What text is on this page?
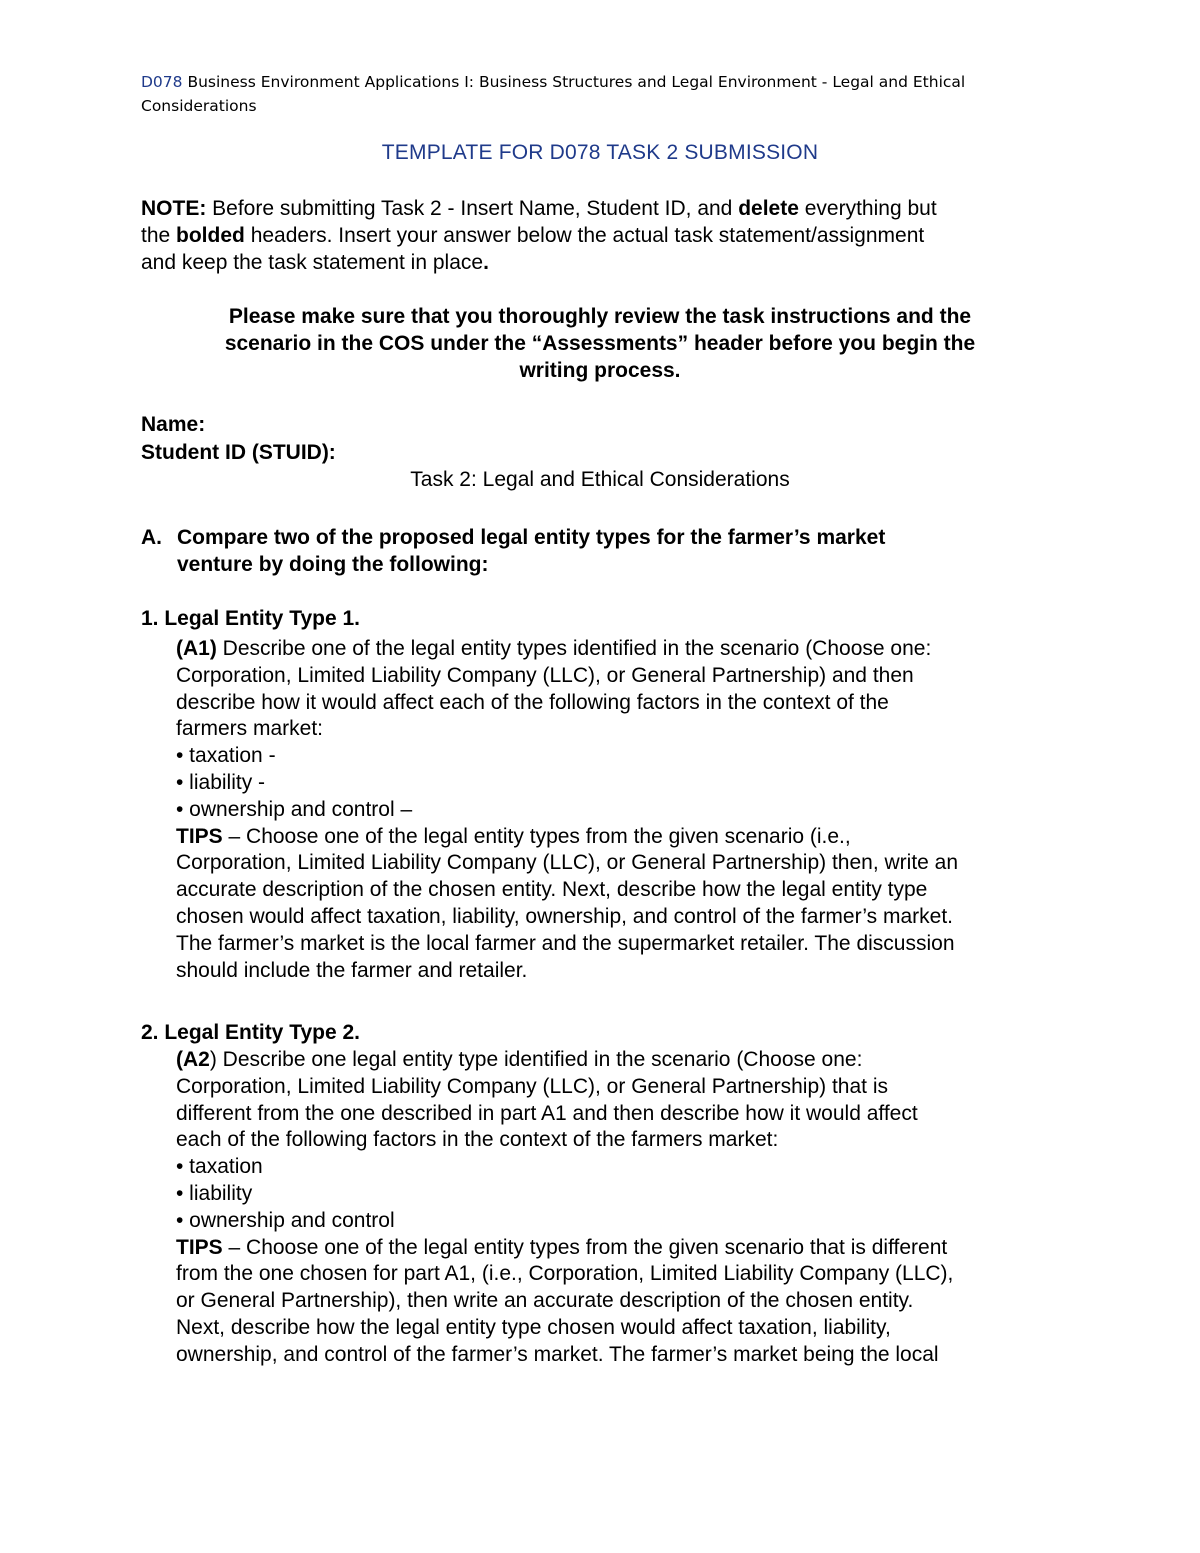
D078 Business Environment Applications I: Business Structures and Legal Environment - Legal and Ethical
Considerations
TEMPLATE FOR D078 TASK 2 SUBMISSION
NOTE: Before submitting Task 2 - Insert Name, Student ID, and delete everything but
the bolded headers. Insert your answer below the actual task statement/assignment
and keep the task statement in place.
Please make sure that you thoroughly review the task instructions and the
scenario in the COS under the “Assessments” header before you begin the
writing process.
Name:
Student ID (STUID):
Task 2: Legal and Ethical Considerations
A. Compare two of the proposed legal entity types for the farmer’s market
venture by doing the following:
1. Legal Entity Type 1.
(A1) Describe one of the legal entity types identified in the scenario (Choose one:
Corporation, Limited Liability Company (LLC), or General Partnership) and then
describe how it would affect each of the following factors in the context of the
farmers market:
• taxation -
• liability -
• ownership and control –
TIPS – Choose one of the legal entity types from the given scenario (i.e.,
Corporation, Limited Liability Company (LLC), or General Partnership) then, write an
accurate description of the chosen entity. Next, describe how the legal entity type
chosen would affect taxation, liability, ownership, and control of the farmer’s market.
The farmer’s market is the local farmer and the supermarket retailer. The discussion
should include the farmer and retailer.
2. Legal Entity Type 2.
(A2) Describe one legal entity type identified in the scenario (Choose one:
Corporation, Limited Liability Company (LLC), or General Partnership) that is
different from the one described in part A1 and then describe how it would affect
each of the following factors in the context of the farmers market:
• taxation
• liability
• ownership and control
TIPS – Choose one of the legal entity types from the given scenario that is different
from the one chosen for part A1, (i.e., Corporation, Limited Liability Company (LLC),
or General Partnership), then write an accurate description of the chosen entity.
Next, describe how the legal entity type chosen would affect taxation, liability,
ownership, and control of the farmer’s market. The farmer’s market being the local
